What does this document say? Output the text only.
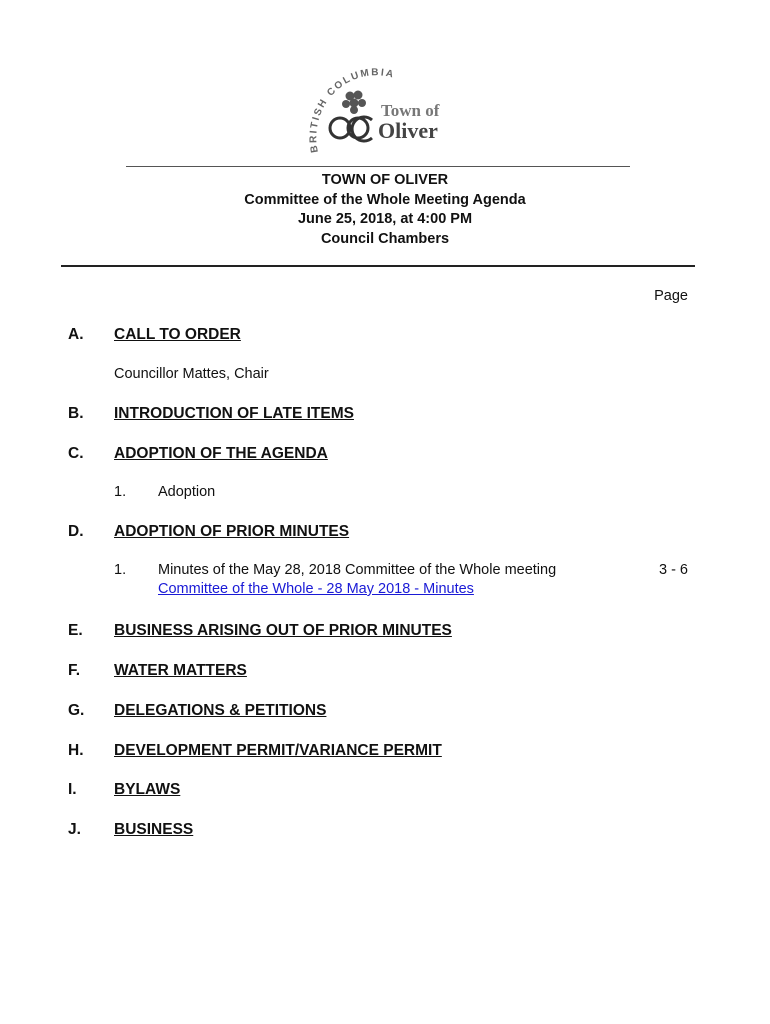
BRITISH COLUMBIA
Town of
Oliver
TOWN OF OLIVER
Committee of the Whole Meeting Agenda
June 25, 2018, at 4:00 PM
Council Chambers
Page
A. CALL TO ORDER
Councillor Mattes, Chair
B. INTRODUCTION OF LATE ITEMS
C. ADOPTION OF THE AGENDA
1. Adoption
D. ADOPTION OF PRIOR MINUTES
1. Minutes of the May 28, 2018 Committee of the Whole meeting	3 - 6
Committee of the Whole - 28 May 2018 - Minutes
E. BUSINESS ARISING OUT OF PRIOR MINUTES
F. WATER MATTERS
G. DELEGATIONS & PETITIONS
H. DEVELOPMENT PERMIT/VARIANCE PERMIT
I. BYLAWS
J. BUSINESS
